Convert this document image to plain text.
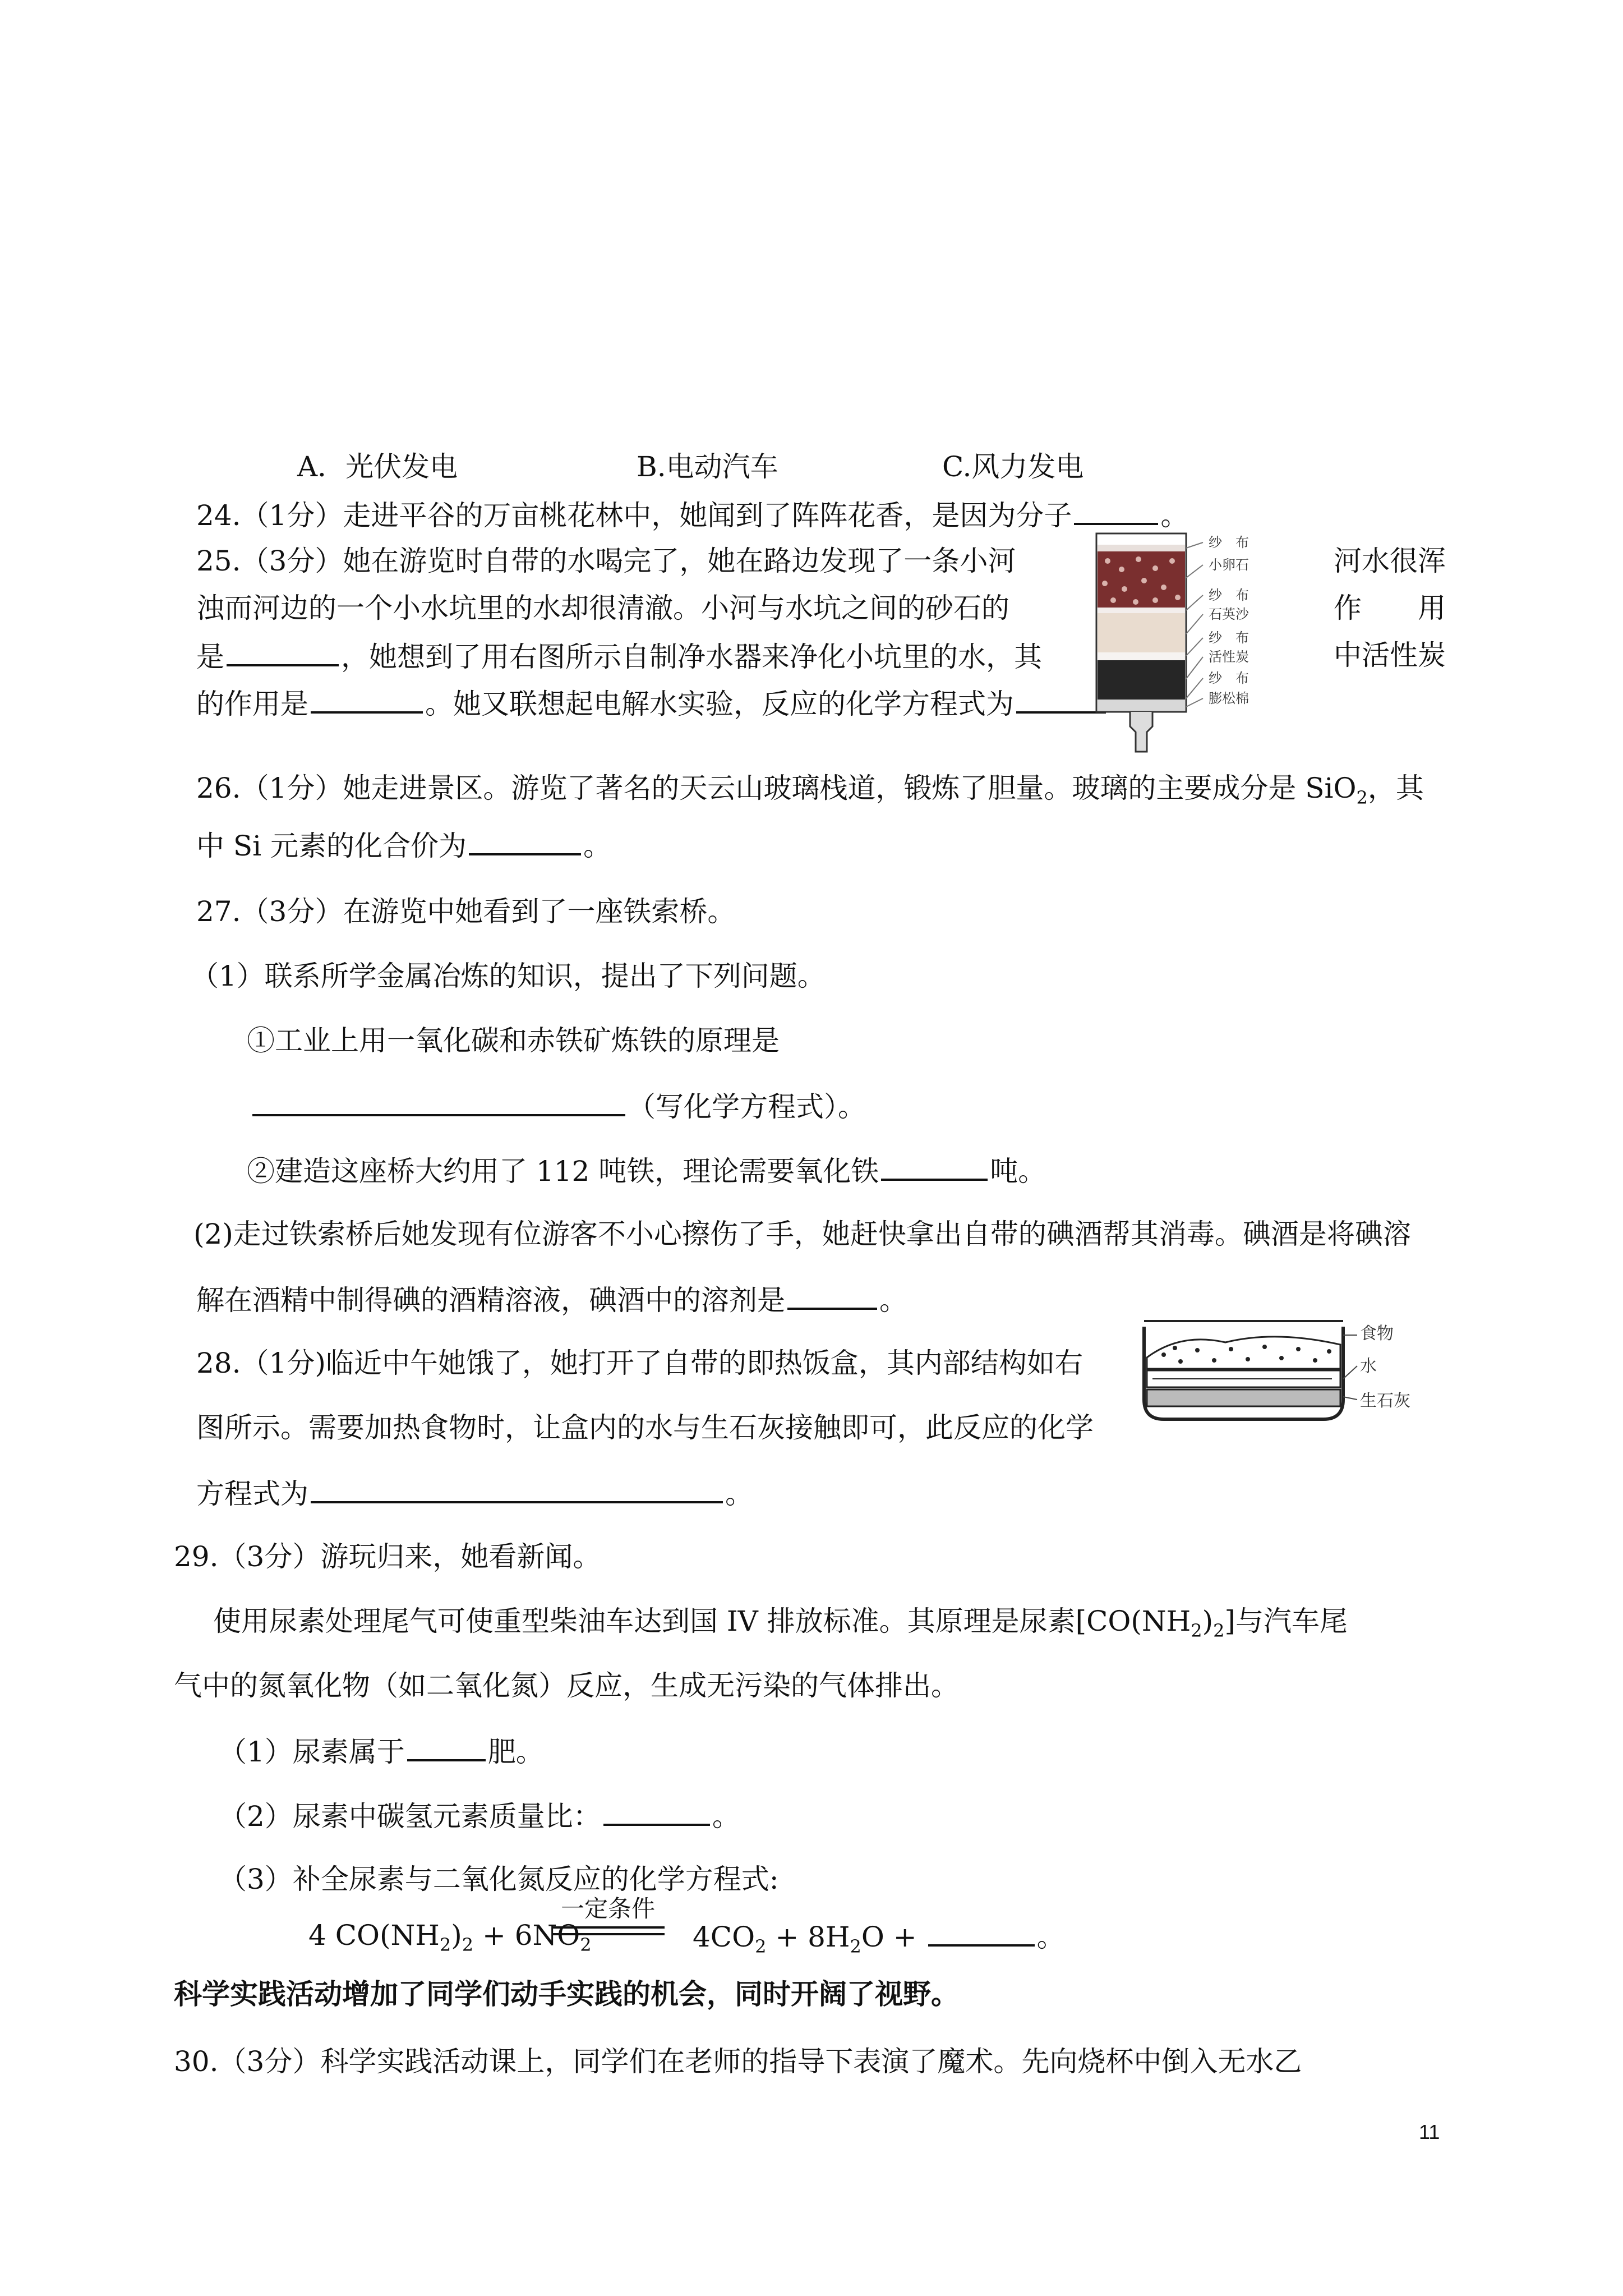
A．光伏发电	B.电动汽车	C.风力发电
24.（1分）走进平谷的万亩桃花林中，她闻到了阵阵花香，是因为分子	。
25.（3分）她在游览时自带的水喝完了，她在路边发现了一条小河	河水很浑
浊而河边的一个小水坑里的水却很清澈。小河与水坑之间的砂石的	作　　用
是	，她想到了用右图所示自制净水器来净化小坑里的水，其	中活性炭
的作用是	。她又联想起电解水实验，反应的化学方程式为
纱　布
小卵石
纱　布
石英沙
纱　布
活性炭
纱　布
膨松棉
26.（1分）她走进景区。游览了著名的天云山玻璃栈道，锻炼了胆量。玻璃的主要成分是 SiO$_2$，其
中 Si 元素的化合价为	。
27.（3分）在游览中她看到了一座铁索桥。
（1）联系所学金属冶炼的知识，提出了下列问题。
①工业上用一氧化碳和赤铁矿炼铁的原理是
（写化学方程式）。
②建造这座桥大约用了 112 吨铁，理论需要氧化铁	吨。
(2)走过铁索桥后她发现有位游客不小心擦伤了手，她赶快拿出自带的碘酒帮其消毒。碘酒是将碘溶
解在酒精中制得碘的酒精溶液，碘酒中的溶剂是	。
28.（1分)临近中午她饿了，她打开了自带的即热饭盒，其内部结构如右
图所示。需要加热食物时，让盒内的水与生石灰接触即可，此反应的化学
方程式为	。
食物
水
生石灰
29.（3分）游玩归来，她看新闻。
使用尿素处理尾气可使重型柴油车达到国 IV 排放标准。其原理是尿素$[CO(NH_2)_2]$与汽车尾
气中的氮氧化物（如二氧化氮）反应，生成无污染的气体排出。
（1）尿素属于	肥。
（2）尿素中碳氢元素质量比：	。
（3）补全尿素与二氧化氮反应的化学方程式:
一定条件
4 $CO(NH_2)_2 + 6NO_2$	$4CO_2 + 8H_2O$ +	。
科学实践活动增加了同学们动手实践的机会，同时开阔了视野。
30.（3分）科学实践活动课上，同学们在老师的指导下表演了魔术。先向烧杯中倒入无水乙
11
